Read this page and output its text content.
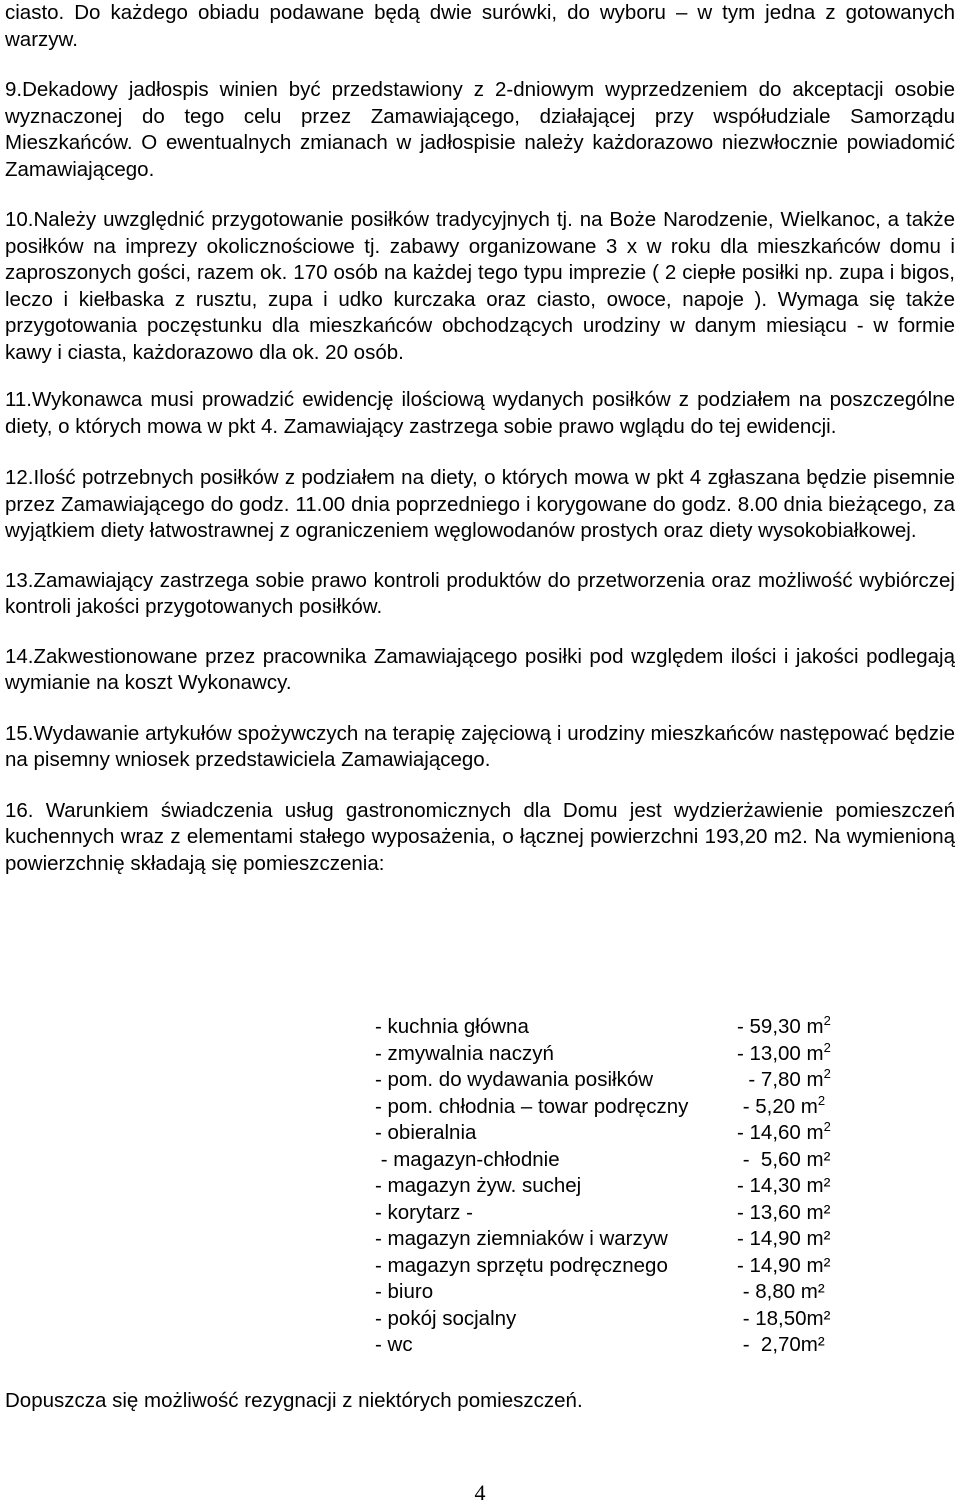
ciasto. Do każdego obiadu podawane będą dwie surówki, do wyboru – w tym jedna z gotowanych warzyw.

9.Dekadowy jadłospis winien być przedstawiony z 2-dniowym wyprzedzeniem do akceptacji osobie wyznaczonej do tego celu przez Zamawiającego, działającej przy współudziale Samorządu Mieszkańców. O ewentualnych zmianach w jadłospisie należy każdorazowo niezwłocznie powiadomić Zamawiającego.

10.Należy uwzględnić przygotowanie posiłków tradycyjnych tj. na Boże Narodzenie, Wielkanoc, a także posiłków na imprezy okolicznościowe tj. zabawy organizowane 3 x w roku dla mieszkańców domu i zaproszonych gości, razem ok. 170 osób na każdej tego typu imprezie ( 2 ciepłe posiłki np. zupa i bigos, leczo i kiełbaska z rusztu, zupa i udko kurczaka oraz ciasto, owoce, napoje ). Wymaga się także przygotowania poczęstunku dla mieszkańców obchodzących urodziny w danym miesiącu - w formie kawy i ciasta, każdorazowo dla ok. 20 osób.

11.Wykonawca musi prowadzić ewidencję ilościową wydanych posiłków z podziałem na poszczególne diety, o których mowa w pkt 4. Zamawiający zastrzega sobie prawo wglądu do tej ewidencji.

12.Ilość potrzebnych posiłków z podziałem na diety, o których mowa w pkt 4 zgłaszana będzie pisemnie przez Zamawiającego do godz. 11.00 dnia poprzedniego i korygowane do godz. 8.00 dnia bieżącego, za wyjątkiem diety łatwostrawnej z ograniczeniem węglowodanów prostych oraz diety wysokobiałkowej.

13.Zamawiający zastrzega sobie prawo kontroli produktów do przetworzenia oraz możliwość wybiórczej kontroli jakości przygotowanych posiłków.

14.Zakwestionowane przez pracownika Zamawiającego posiłki pod względem ilości i jakości podlegają wymianie na koszt Wykonawcy.

15.Wydawanie artykułów spożywczych na terapię zajęciową i urodziny mieszkańców następować będzie na pisemny wniosek przedstawiciela Zamawiającego.

16. Warunkiem świadczenia usług gastronomicznych dla Domu jest wydzierżawienie pomieszczeń kuchennych wraz z elementami stałego wyposażenia, o łącznej powierzchni 193,20 m2. Na wymienioną powierzchnię składają się pomieszczenia:

- kuchnia główna	- 59,30 $m^2$
- zmywalnia naczyń	- 13,00 $m^2$
- pom. do wydawania posiłków	- 7,80 $m^2$
- pom. chłodnia – towar podręczny - 5,20 $m^2$
- obieralnia	- 14,60 $m^2$
- magazyn-chłodnie	-  5,60 m²
- magazyn żyw. suchej	- 14,30 m²
- korytarz -	- 13,60 m²
- magazyn ziemniaków i warzyw	- 14,90 m²
- magazyn sprzętu podręcznego	- 14,90 m²
- biuro	- 8,80 m²
- pokój socjalny	- 18,50m²
- wc	-  2,70m²
Dopuszcza się możliwość rezygnacji z niektórych pomieszczeń.
4
